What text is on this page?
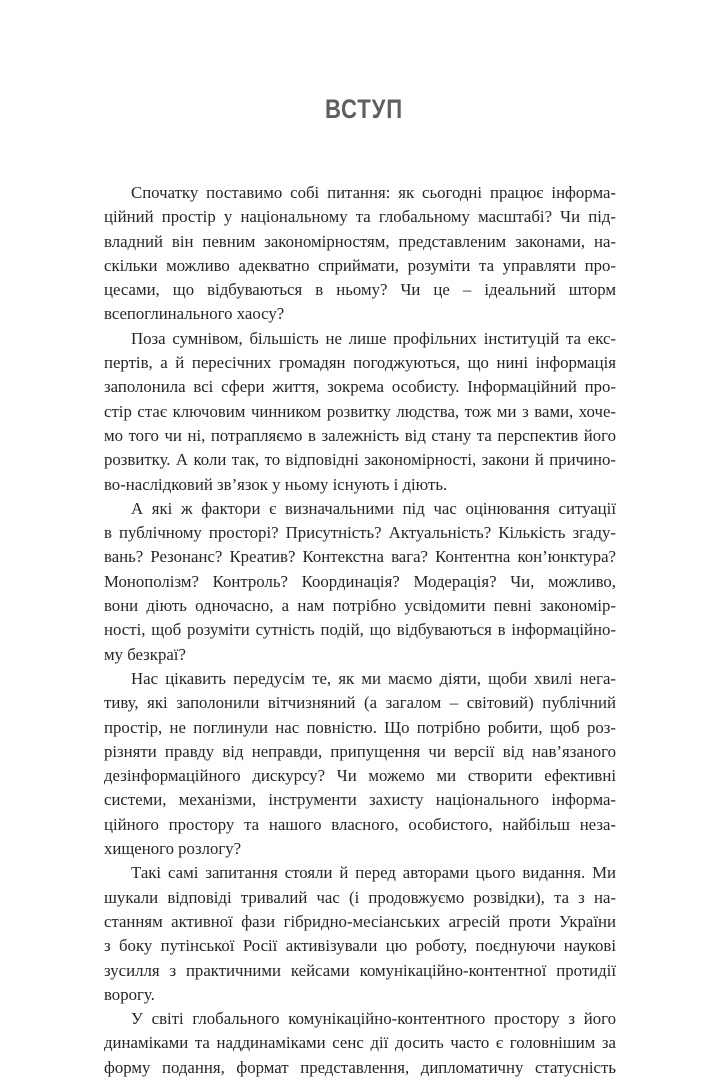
ВСТУП
Спочатку поставимо собі питання: як сьогодні працює інформа-
ційний простір у національному та глобальному масштабі? Чи під-
владний він певним закономірностям, представленим законами, на-
скільки можливо адекватно сприймати, розуміти та управляти про-
цесами, що відбуваються в ньому? Чи це – ідеальний шторм
всепоглинального хаосу?
Поза сумнівом, більшість не лише профільних інституцій та екс-
пертів, а й пересічних громадян погоджуються, що нині інформація
заполонила всі сфери життя, зокрема особисту. Інформаційний про-
стір стає ключовим чинником розвитку людства, тож ми з вами, хоче-
мо того чи ні, потрапляємо в залежність від стану та перспектив його
розвитку. А коли так, то відповідні закономірності, закони й причино-
во-наслідковий зв’язок у ньому існують і діють.
А які ж фактори є визначальними під час оцінювання ситуації
в публічному просторі? Присутність? Актуальність? Кількість згаду-
вань? Резонанс? Креатив? Контекстна вага? Контентна кон’юнктура?
Монополізм? Контроль? Координація? Модерація? Чи, можливо,
вони діють одночасно, а нам потрібно усвідомити певні закономір-
ності, щоб розуміти сутність подій, що відбуваються в інформаційно-
му безкраї?
Нас цікавить передусім те, як ми маємо діяти, щоби хвилі нега-
тиву, які заполонили вітчизняний (а загалом – світовий) публічний
простір, не поглинули нас повністю. Що потрібно робити, щоб роз-
різняти правду від неправди, припущення чи версії від нав’язаного
дезінформаційного дискурсу? Чи можемо ми створити ефективні
системи, механізми, інструменти захисту національного інформа-
ційного простору та нашого власного, особистого, найбільш неза-
хищеного розлогу?
Такі самі запитання стояли й перед авторами цього видання. Ми
шукали відповіді тривалий час (і продовжуємо розвідки), та з на-
станням активної фази гібридно-месіанських агресій проти України
з боку путінської Росії активізували цю роботу, поєднуючи наукові
зусилля з практичними кейсами комунікаційно-контентної протидії
ворогу.
У світі глобального комунікаційно-контентного простору з його
динаміками та наддинаміками сенс дії досить часто є головнішим за
форму подання, формат представлення, дипломатичну статусність
